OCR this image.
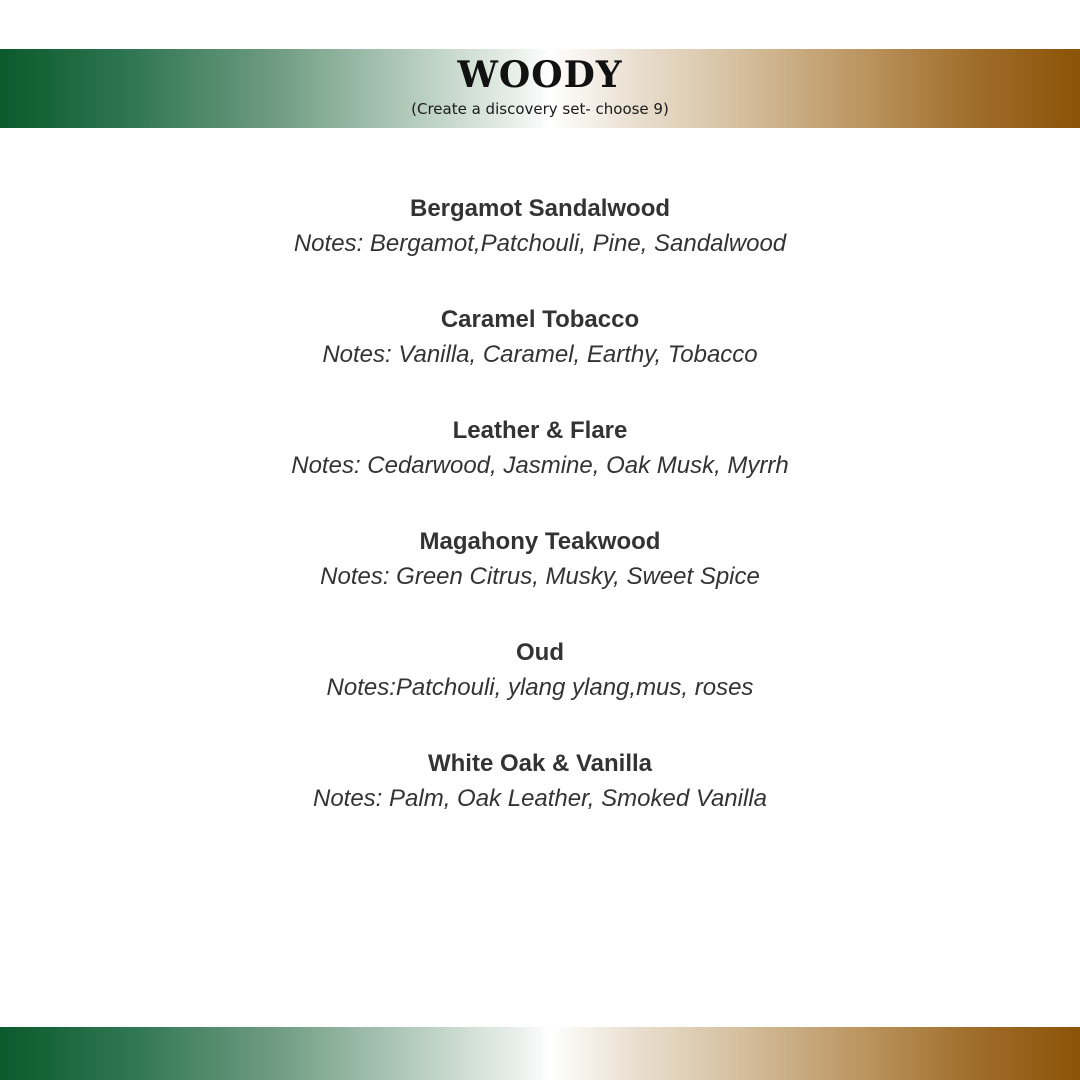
WOODY
(Create a discovery set- choose 9)
Bergamot Sandalwood
Notes: Bergamot,Patchouli, Pine, Sandalwood
Caramel Tobacco
Notes: Vanilla, Caramel, Earthy, Tobacco
Leather & Flare
Notes: Cedarwood, Jasmine, Oak Musk, Myrrh
Magahony Teakwood
Notes: Green Citrus, Musky, Sweet Spice
Oud
Notes:Patchouli, ylang ylang,mus, roses
White Oak & Vanilla
Notes: Palm, Oak Leather, Smoked Vanilla
